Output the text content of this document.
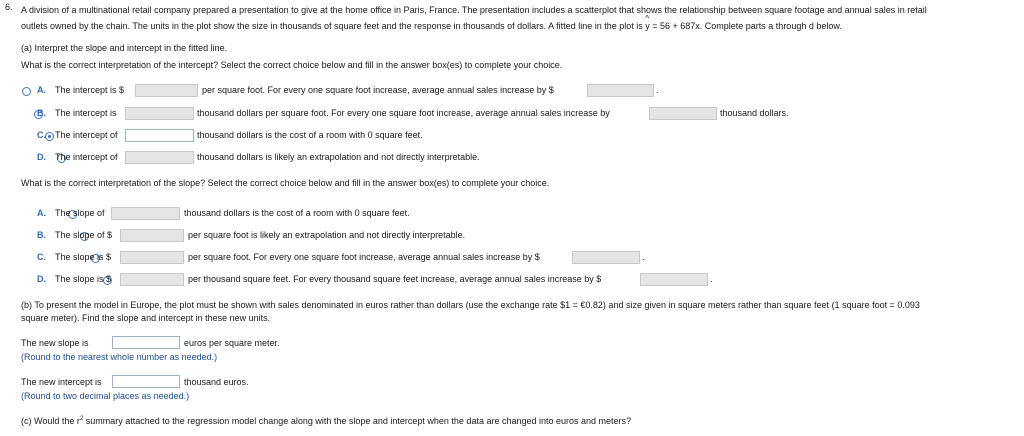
6. A division of a multinational retail company prepared a presentation to give at the home office in Paris, France. The presentation includes a scatterplot that shows the relationship between square footage and annual sales in retail
outlets owned by the chain. The units in the plot show the size in thousands of square feet and the response in thousands of dollars. A fitted line in the plot is ^ y = 56 + 687x. Complete parts a through d below.
(a) Interpret the slope and intercept in the fitted line.
What is the correct interpretation of the intercept? Select the correct choice below and fill in the answer box(es) to complete your choice.

A. The intercept is $	per square foot. For every one square foot increase, average annual sales increase by $	.

B. The intercept is	thousand dollars per square foot. For every one square foot increase, average annual sales increase by	thousand dollars.

C. The intercept of	thousand dollars is the cost of a room with 0 square feet.

D. The intercept of	thousand dollars is likely an extrapolation and not directly interpretable.
What is the correct interpretation of the slope? Select the correct choice below and fill in the answer box(es) to complete your choice.

A. The slope of	thousand dollars is the cost of a room with 0 square feet.

B. The slope of $	per square foot is likely an extrapolation and not directly interpretable.

C. The slope is $	per square foot. For every one square foot increase, average annual sales increase by $	.
D. The slope is $	per thousand square feet. For every thousand square feet increase, average annual sales increase by $	.
(b) To present the model in Europe, the plot must be shown with sales denominated in euros rather than dollars (use the exchange rate $1 = €0.82) and size given in square meters rather than square feet (1 square foot = 0.093
square meter). Find the slope and intercept in these new units.
The new slope is	euros per square meter.
(Round to the nearest whole number as needed.)
The new intercept is	thousand euros.
(Round to two decimal places as needed.)
(c) Would the $r^2$ summary attached to the regression model change along with the slope and intercept when the data are changed into euros and meters?
